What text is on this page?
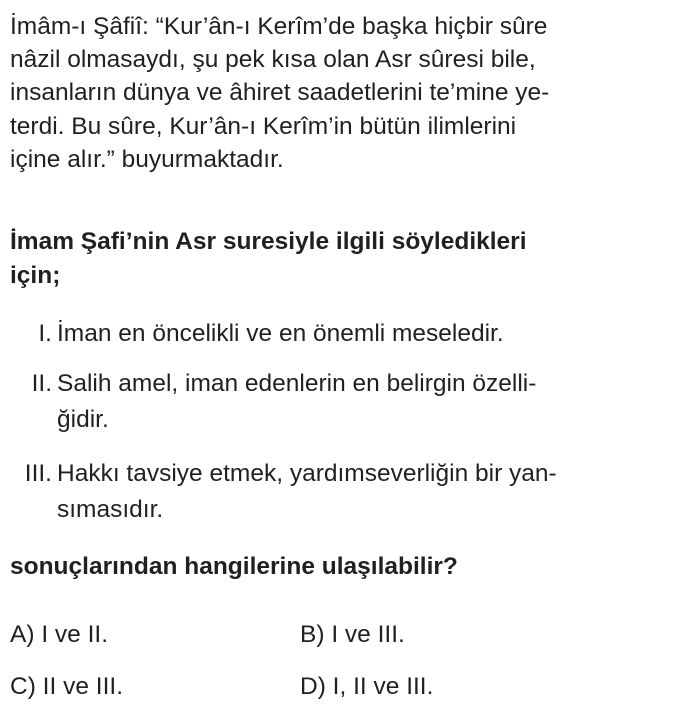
İmâm-ı Şâfiî: “Kur’ân-ı Kerîm’de başka hiçbir sûre
nâzil olmasaydı, şu pek kısa olan Asr sûresi bile,
insanların dünya ve âhiret saadetlerini te’mine ye-
terdi. Bu sûre, Kur’ân-ı Kerîm’in bütün ilimlerini
içine alır.” buyurmaktadır.
İmam Şafi’nin Asr suresiyle ilgili söyledikleri
için;
I. İman en öncelikli ve en önemli meseledir.
II. Salih amel, iman edenlerin en belirgin özelli-
ğidir.
III. Hakkı tavsiye etmek, yardımseverliğin bir yan-
sımasıdır.
sonuçlarından hangilerine ulaşılabilir?
A) I ve II.	B) I ve III.
C) II ve III.	D) I, II ve III.
